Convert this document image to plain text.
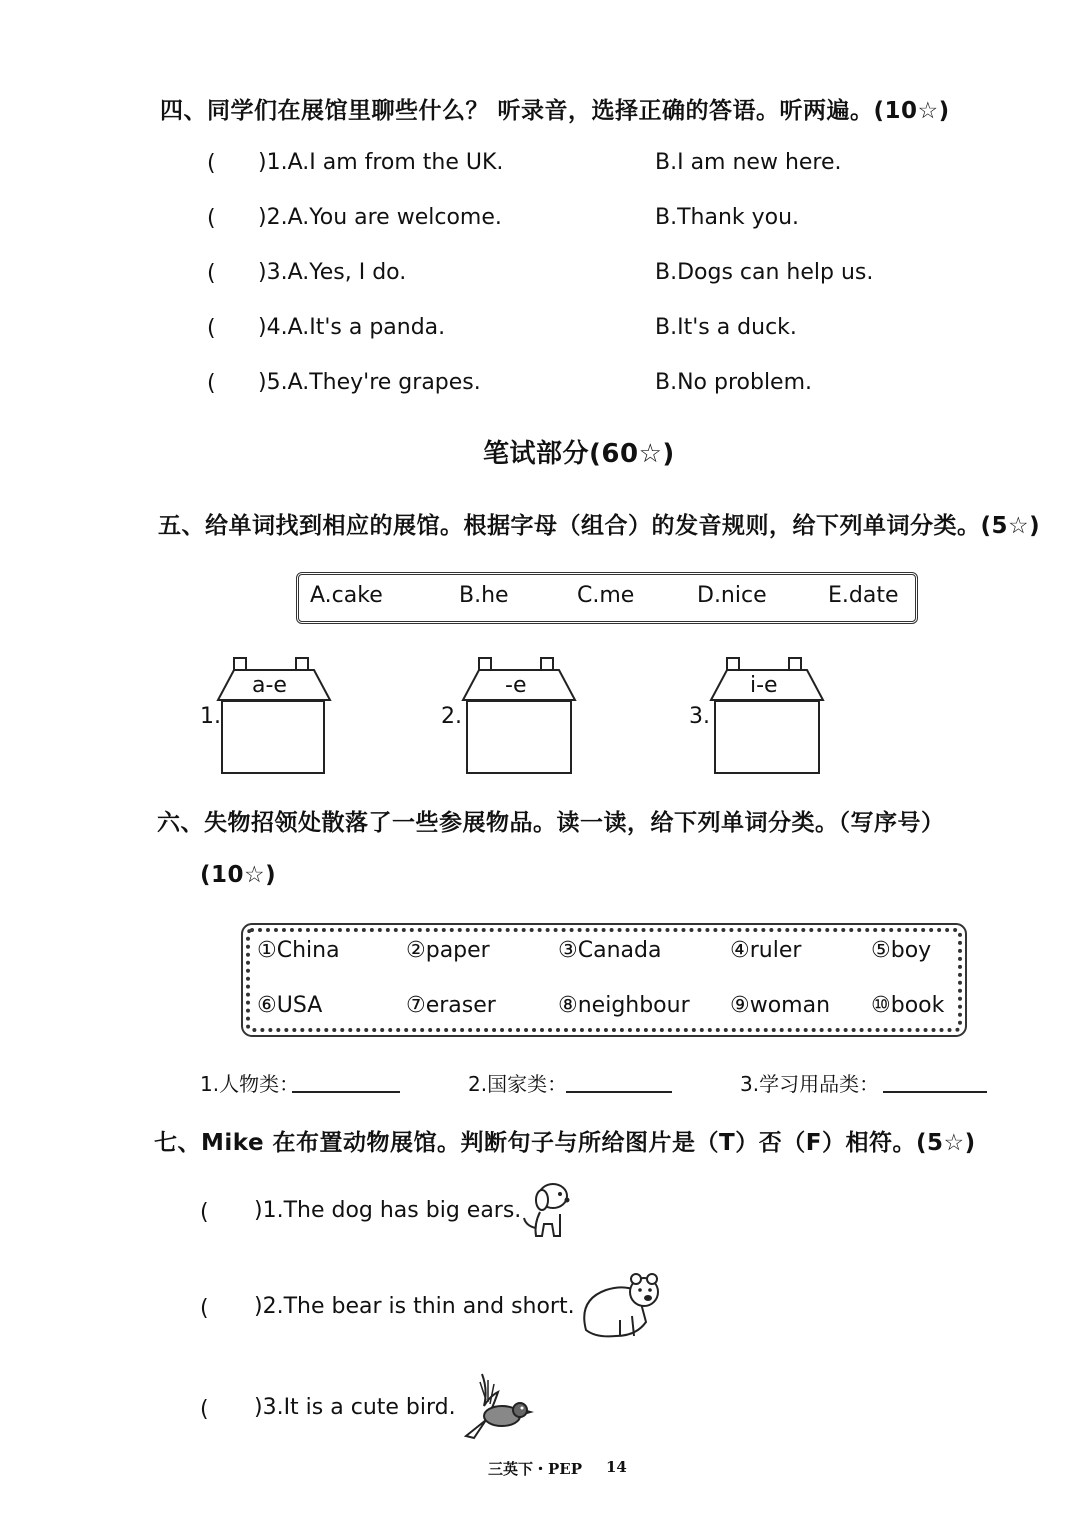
四、同学们在展馆里聊些什么？ 听录音，选择正确的答语。听两遍。(10☆)
( )1.A.I am from the UK.	B.I am new here.
( )2.A.You are welcome.	B.Thank you.
( )3.A.Yes, I do.	B.Dogs can help us.
( )4.A.It's a panda.	B.It's a duck.
( )5.A.They're grapes.	B.No problem.
笔试部分(60☆)
五、给单词找到相应的展馆。根据字母（组合）的发音规则，给下列单词分类。(5☆)
A.cake	B.he	C.me	D.nice	E.date
1.
a-e
2.
-e
3.
i-e
六、失物招领处散落了一些参展物品。读一读，给下列单词分类。（写序号）
(10☆)
①China	②paper	③Canada	④ruler	⑤boy
⑥USA	⑦eraser	⑧neighbour ⑨woman ⑩book
1.人物类：	2.国家类：	3.学习用品类：
七、Mike 在布置动物展馆。判断句子与所给图片是（T）否（F）相符。(5☆)
( )1.The dog has big ears.
( )2.The bear is thin and short.
( )3.It is a cute bird.
三英下・PEP 14
